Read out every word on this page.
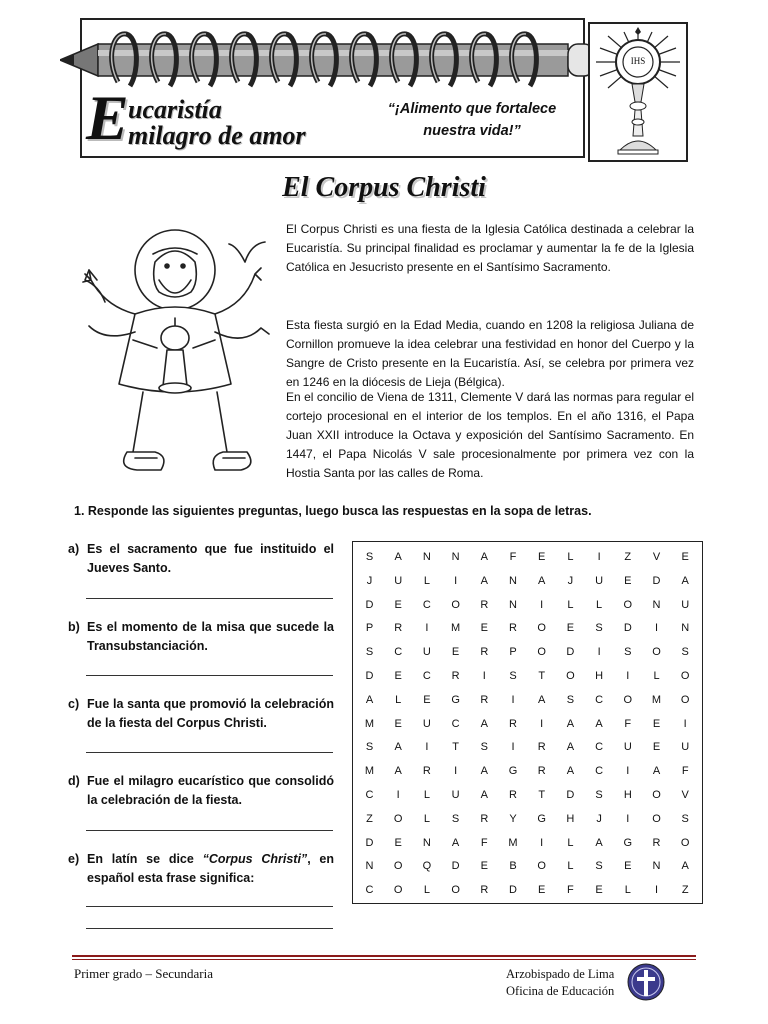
E ucaristía
milagro de amor
“¡Alimento que fortalece
nuestra vida!”
IHS
El Corpus Christi
El Corpus Christi es una fiesta de la Iglesia Católica destinada a celebrar la Eucaristía. Su principal finalidad es proclamar y aumentar la fe de la Iglesia Católica en Jesucristo presente en el Santísimo Sacramento.
Esta fiesta surgió en la Edad Media, cuando en 1208 la religiosa Juliana de Cornillon promueve la idea celebrar una festividad en honor del Cuerpo y la Sangre de Cristo presente en la Eucaristía. Así, se celebra por primera vez en 1246 en la diócesis de Lieja (Bélgica).
En el concilio de Viena de 1311, Clemente V dará las normas para regular el cortejo procesional en el interior de los templos. En el año 1316, el Papa Juan XXII introduce la Octava y exposición del Santísimo Sacramento. En 1447, el Papa Nicolás V sale procesionalmente por primera vez con la Hostia Santa por las calles de Roma.
1. Responde las siguientes preguntas, luego busca las respuestas en la sopa de letras.
a) Es el sacramento que fue instituido el Jueves Santo.
b) Es el momento de la misa que sucede la Transubstanciación.
c) Fue la santa que promovió la celebración de la fiesta del Corpus Christi.
d) Fue el milagro eucarístico que consolidó la celebración de la fiesta.
e) En latín se dice “Corpus Christi”, en español esta frase significa:
S	A	N	N	A	F	E	L	I	Z	V	E
J	U	L	I	A	N	A	J	U	E	D	A
D	E	C	O	R	N	I	L	L	O	N	U
P	R	I	M	E	R	O	E	S	D	I	N
S	C	U	E	R	P	O	D	I	S	O	S
D	E	C	R	I	S	T	O	H	I	L	O
A	L	E	G	R	I	A	S	C	O	M	O
M	E	U	C	A	R	I	A	A	F	E	I
S	A	I	T	S	I	R	A	C	U	E	U
M	A	R	I	A	G	R	A	C	I	A	F
C	I	L	U	A	R	T	D	S	H	O	V
Z	O	L	S	R	Y	G	H	J	I	O	S
D	E	N	A	F	M	I	L	A	G	R	O
N	O	Q	D	E	B	O	L	S	E	N	A
C	O	L	O	R	D	E	F	E	L	I	Z
Primer grado – Secundaria	Arzobispado de Lima
Oficina de Educación
